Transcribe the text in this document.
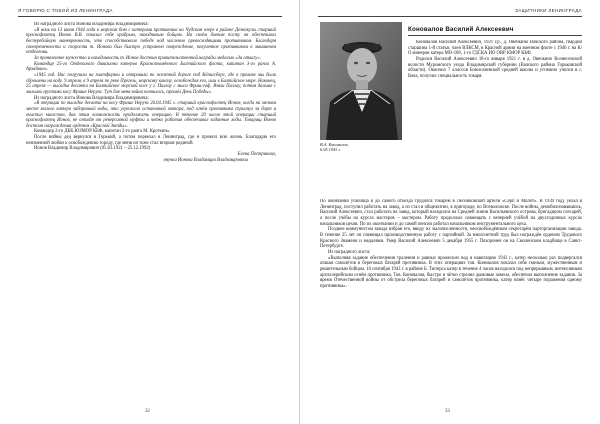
Я ГОВОРЮ С ТОБОЙ ИЗ ЛЕНИНГРАДА

Из наградного листа Ионова Владимира Владимировича:

«В ночь на 13 июня 1944 года в морском бою с катерами противника на Чудском озере в районе Дознакузы старший краснофлотец Ионов В.В. показал себя храбрым, находчивым бойцом. На своём боевом посту он обеспечивал бесперебойную маневренность, что способствовало победе над численно превосходящими противником. Благодаря своевременности и спорости т. Ионова был быстро устранено повреждение, полученное противником в машинном отделении.

За проявленное мужество и находчивость т. Ионов достоин правительственной награды медалью «За отвагу».

Командир 25-го Отдельного дивизиона катеров Краснознамённого Балтийского флота, капитан 3-го ранга А. Архайкин».

«1945 год. Нас погрузили на платформы и отправили по железной дороге под Кёнигсберг, где в проливе мы были сброшены на воду. 9 апреля, в 9 апреля по реке Прегель, морскому каналу, освобождая его, шли в Балтийское море. Наконец, 25 апреля — высадка десанта на Балтийское морской косе у г. Пиллау с мыса Фриш-гоф. Взяли Пиллау, потом дальше с малыми группами косу Фрише Нерунг. Тут для меня война кончилась, прошёл День Победы».

Из наградного листа Ионова Владимира Владимировича:

«В операции по высадке десанта на косу Фрише Нерунг 26.04.1945 г. старший краснофлотец Ионов, когда на мелком месте малого катера заборникой воды, что угрожало остановкой мотора, под огнём противника спрыгнул за борт и очистил кингстон, дав этим возможность продолжать операцию. В течение 20 часов этой операции старший краснофлотец Ионов, не отходя от реверсивной муфты и четко работая обеспечивал заданные ходы. Товарищ Ионов достоин награждения орденом «Красной Звезды».

Командир 2-го ДБК ЮЗМОР КБФ, капитан 2-го ранга М. Кроткин».

После войны дед вернулся в Горький, а потом переехал в Ленинград, где и прожил всю жизнь. Благодарю его неизменной любви к освобождению городу, где меня он тоже стал вторым родиной.

Ионов Владимир Владимирович (05.03.1921 – 25.12.1992)

Елена Пестрикова,

внучка Ионова Владимира Владимировича

32
ЗАЩИТНИКИ ЛЕНИНГРАДА
В.А. Коновалов,
6.05.1943 г.
Коновалов Василий Алексеевич

Коновалов Василий Алексеевич, 1921 г.р., д. Овечкино Вачского района, гвардии старшина 1-й статьи, член ВЛКСМ, в Красной армии на военном флоте с 1940 г. на К/О минеров катера МО-108, 1-го ГДСКА ИО ОВР КМОР КБФ.

Родился Василий Алексеевич 18-го января 1921 г. в д. Овечкино Вознесенской волости Муромского уезда Владимирской губернии (Вачского района Горьковской области). Окончил 7 классов Бонисляевской средней школы и успешно учился в г. Вача, получил специальность токаря.

По окончании училища и до самого отъезда трудился токарем в Лесниковской артели «Серп и Молот». В 1939 году уехал в Ленинград, поступил работать на завод, а из стал в общежитии, в пригороде, по Всеволожске. После войны, демобилизовавшись, Василий Алексеевич, стал работать на завод, который находился на Средней линии Васильевского острова, бригадиром слесарей, а после учёбы на курсах мастеров – мастером. Работу продолжал совмещать с вечерней учёбой на двухгодичных курсах начальников цехов. По их окончании и до самой пенсии работал начальником инструментального цеха.

Позднее коммунистом завода избран его, ввиду их малочисленности, неосвобождённым секретарём парторганизации завода. В течение 25 лет он совмещал производственную работу с партийной. За многолетний труд был награждён орденом Трудового Красного Знамени и медалями. Умер Василий Алексеевич 5 декабря 1955 г. Похоронен он на Смоленском кладбище в Санкт-Петербурге.

Из наградного листа:

«Выполняя задание обеспечения траления и равных вражеских вод в навигацию 1943 г., катер несколько раз подвергался атакам самолётов и береговых батарей противника. В этих операциях тов. Коновалов показал себя смелым, мужественным и решительным бойцом. 10 сентября 1943 г. в районе Б. Тютерса катер в течение 4 часов находился под непрерывным, интенсивным артиллерийским огнём противника. Тов. Коновалов, быстро и чётко стрелял дымовые завесы, обеспечил выполнение задания. За время Отечественной войны от обстрела береговых батарей и самолётов противника, катер нанёс четыре поражения одному противника».

33
